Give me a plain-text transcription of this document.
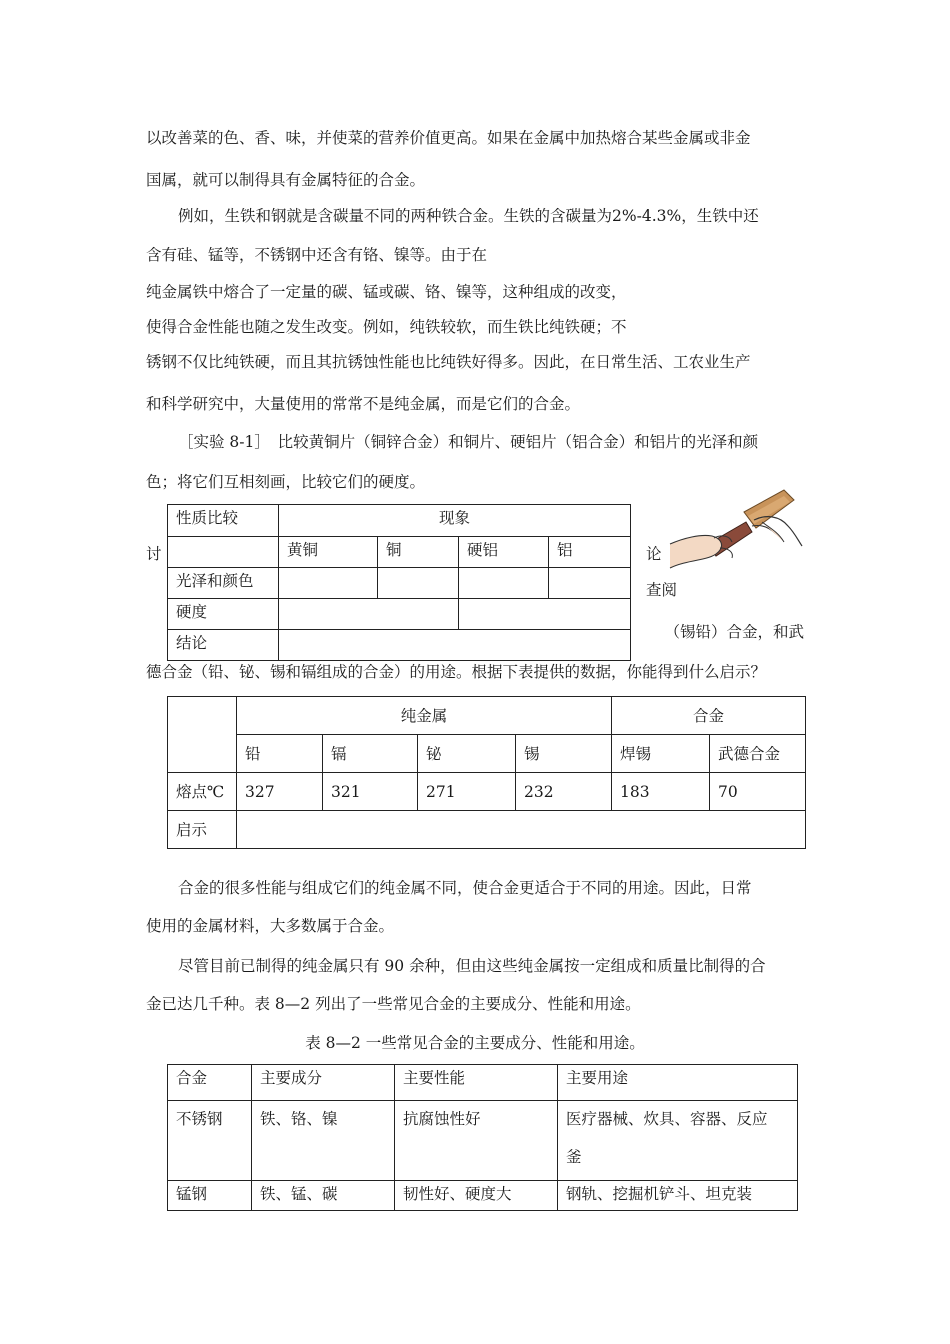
以改善菜的色、香、味，并使菜的营养价值更高。如果在金属中加热熔合某些金属或非金
国属，就可以制得具有金属特征的合金。
例如，生铁和钢就是含碳量不同的两种铁合金。生铁的含碳量为2%-4.3%，生铁中还
含有硅、锰等，不锈钢中还含有铬、镍等。由于在
纯金属铁中熔合了一定量的碳、锰或碳、铬、镍等，这种组成的改变，
使得合金性能也随之发生改变。例如，纯铁较软，而生铁比纯铁硬；不
锈钢不仅比纯铁硬，而且其抗锈蚀性能也比纯铁好得多。因此，在日常生活、工农业生产
和科学研究中，大量使用的常常不是纯金属，而是它们的合金。
［实验 8-1］　比较黄铜片（铜锌合金）和铜片、硬铝片（铝合金）和铝片的光泽和颜
色；将它们互相刻画，比较它们的硬度。
讨
性质比较	现象			
	黄铜	铜	硬铝	铝
光泽和颜色				
硬度				
结论				
论
查阅
（锡铅）合金，和武
德合金（铅、铋、锡和镉组成的合金）的用途。根据下表提供的数据，你能得到什么启示？
	纯金属				合金	
	铅	镉	铋	锡	焊锡	武德合金
熔点℃	327	321	271	232	183	70
启示						
合金的很多性能与组成它们的纯金属不同，使合金更适合于不同的用途。因此，日常
使用的金属材料，大多数属于合金。
尽管目前已制得的纯金属只有 90 余种，但由这些纯金属按一定组成和质量比制得的合
金已达几千种。表 8—2 列出了一些常见合金的主要成分、性能和用途。
表 8—2 一些常见合金的主要成分、性能和用途。
合金	主要成分	主要性能	主要用途
不锈钢	铁、铬、镍	抗腐蚀性好	医疗器械、炊具、容器、反应
釜

锰钢	铁、锰、碳	韧性好、硬度大	钢轨、挖掘机铲斗、坦克装
